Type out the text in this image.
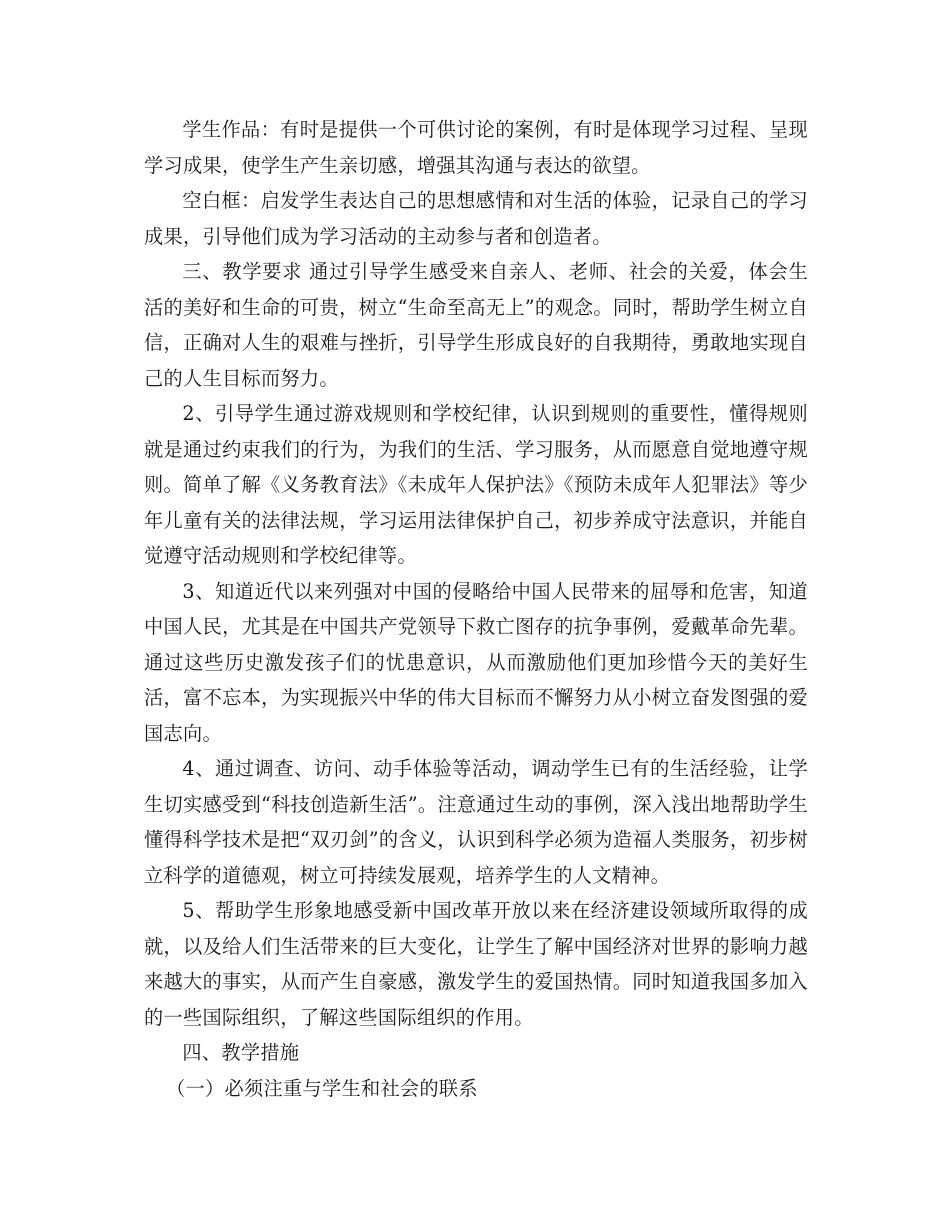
学生作品：有时是提供一个可供讨论的案例，有时是体现学习过程、呈现学习成果，使学生产生亲切感，增强其沟通与表达的欲望。

空白框：启发学生表达自己的思想感情和对生活的体验，记录自己的学习成果，引导他们成为学习活动的主动参与者和创造者。

三、教学要求 通过引导学生感受来自亲人、老师、社会的关爱，体会生活的美好和生命的可贵，树立“生命至高无上”的观念。同时，帮助学生树立自信，正确对人生的艰难与挫折，引导学生形成良好的自我期待，勇敢地实现自己的人生目标而努力。

2、引导学生通过游戏规则和学校纪律，认识到规则的重要性，懂得规则就是通过约束我们的行为，为我们的生活、学习服务，从而愿意自觉地遵守规则。简单了解《义务教育法》《未成年人保护法》《预防未成年人犯罪法》等少年儿童有关的法律法规，学习运用法律保护自己，初步养成守法意识，并能自觉遵守活动规则和学校纪律等。

3、知道近代以来列强对中国的侵略给中国人民带来的屈辱和危害，知道中国人民，尤其是在中国共产党领导下救亡图存的抗争事例，爱戴革命先辈。通过这些历史激发孩子们的忧患意识，从而激励他们更加珍惜今天的美好生活，富不忘本，为实现振兴中华的伟大目标而不懈努力从小树立奋发图强的爱国志向。

4、通过调查、访问、动手体验等活动，调动学生已有的生活经验，让学生切实感受到“科技创造新生活”。注意通过生动的事例，深入浅出地帮助学生懂得科学技术是把“双刃剑”的含义，认识到科学必须为造福人类服务，初步树立科学的道德观，树立可持续发展观，培养学生的人文精神。

5、帮助学生形象地感受新中国改革开放以来在经济建设领域所取得的成就，以及给人们生活带来的巨大变化，让学生了解中国经济对世界的影响力越来越大的事实，从而产生自豪感，激发学生的爱国热情。同时知道我国多加入的一些国际组织，了解这些国际组织的作用。

四、教学措施

（一）必须注重与学生和社会的联系
